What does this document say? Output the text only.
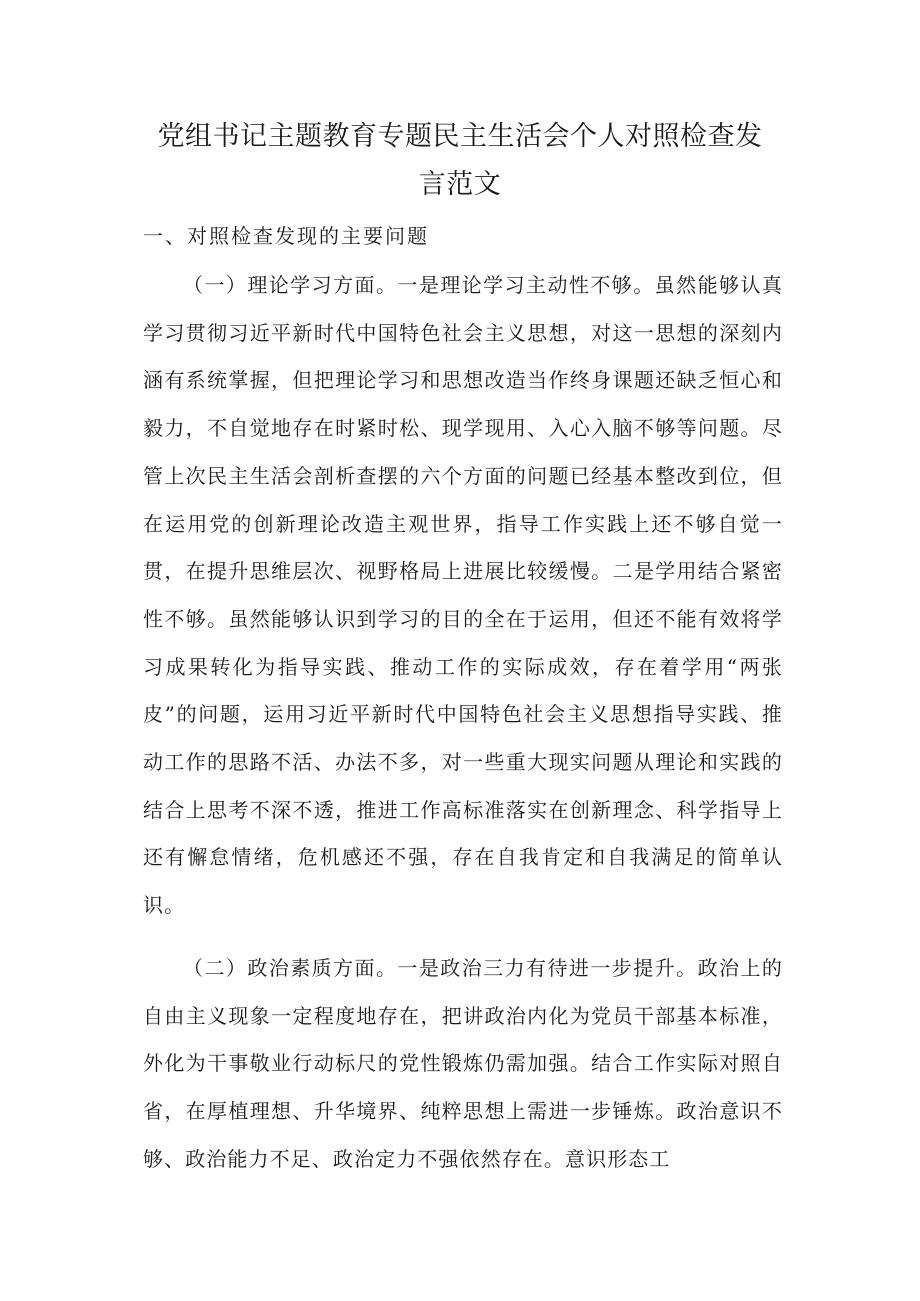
党组书记主题教育专题民主生活会个人对照检查发
言范文
一、对照检查发现的主要问题

（一）理论学习方面。一是理论学习主动性不够。虽然能够认真学习贯彻习近平新时代中国特色社会主义思想，对这一思想的深刻内涵有系统掌握，但把理论学习和思想改造当作终身课题还缺乏恒心和毅力，不自觉地存在时紧时松、现学现用、入心入脑不够等问题。尽管上次民主生活会剖析查摆的六个方面的问题已经基本整改到位，但在运用党的创新理论改造主观世界，指导工作实践上还不够自觉一贯，在提升思维层次、视野格局上进展比较缓慢。二是学用结合紧密性不够。虽然能够认识到学习的目的全在于运用，但还不能有效将学习成果转化为指导实践、推动工作的实际成效，存在着学用“两张皮”的问题，运用习近平新时代中国特色社会主义思想指导实践、推动工作的思路不活、办法不多，对一些重大现实问题从理论和实践的结合上思考不深不透，推进工作高标准落实在创新理念、科学指导上还有懈怠情绪，危机感还不强，存在自我肯定和自我满足的简单认识。

（二）政治素质方面。一是政治三力有待进一步提升。政治上的自由主义现象一定程度地存在，把讲政治内化为党员干部基本标准，外化为干事敬业行动标尺的党性锻炼仍需加强。结合工作实际对照自省，在厚植理想、升华境界、纯粹思想上需进一步锤炼。政治意识不够、政治能力不足、政治定力不强依然存在。意识形态工
